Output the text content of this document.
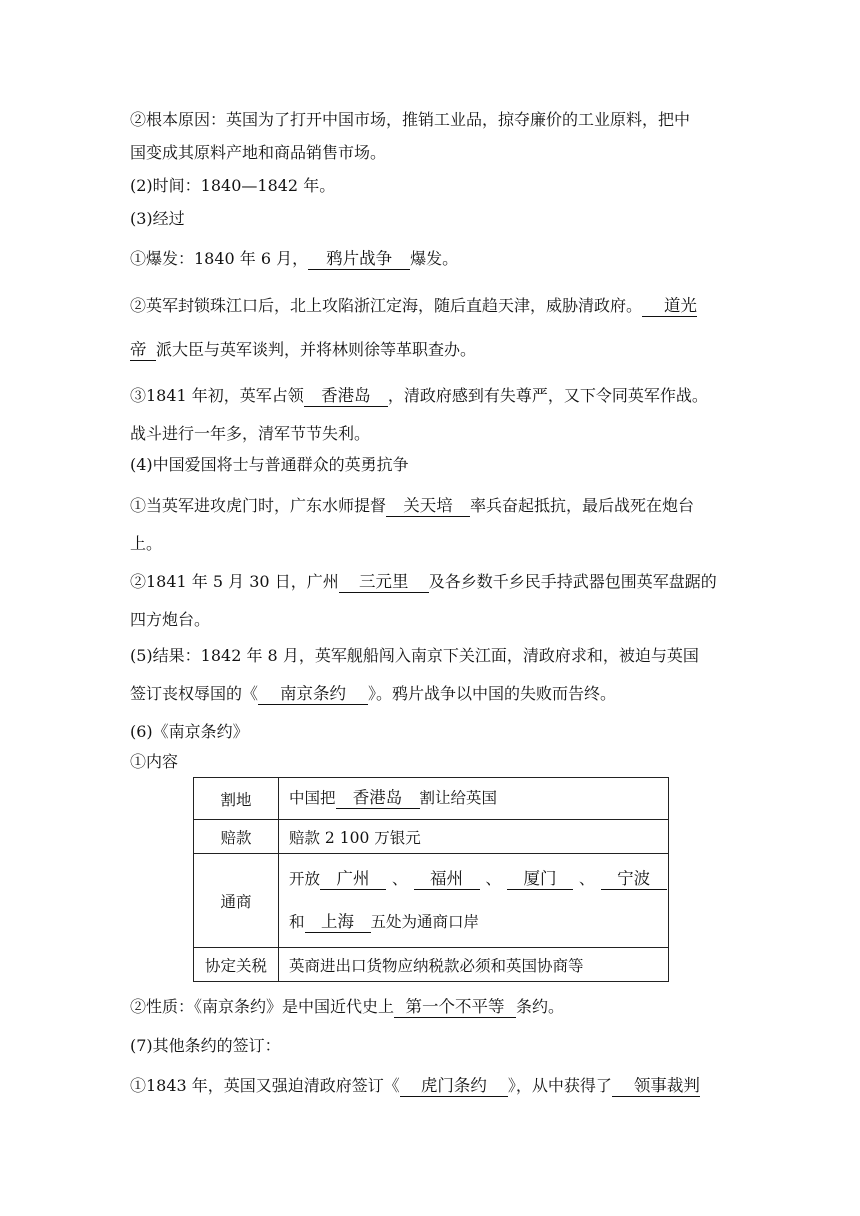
②根本原因：英国为了打开中国市场，推销工业品，掠夺廉价的工业原料，把中
国变成其原料产地和商品销售市场。
(2)时间：1840—1842 年。
(3)经过
①爆发：1840 年 6 月， 鸦片战争 爆发。
②英军封锁珠江口后，北上攻陷浙江定海，随后直趋天津，威胁清政府。 道光
帝 派大臣与英军谈判，并将林则徐等革职查办。
③1841 年初，英军占领 香港岛 ，清政府感到有失尊严，又下令同英军作战。
战斗进行一年多，清军节节失利。
(4)中国爱国将士与普通群众的英勇抗争
①当英军进攻虎门时，广东水师提督 关天培 率兵奋起抵抗，最后战死在炮台
上。
②1841 年 5 月 30 日，广州 三元里 及各乡数千乡民手持武器包围英军盘踞的
四方炮台。
(5)结果：1842 年 8 月，英军舰船闯入南京下关江面，清政府求和，被迫与英国
签订丧权辱国的《 南京条约 》。鸦片战争以中国的失败而告终。
(6)《南京条约》
①内容
割地	中国把 香港岛 割让给英国

赔款	赔款 2 100 万银元
通商	开放 广州 、 福州 、 厦门 、 宁波
和 上海 五处为通商口岸

协定关税	英商进出口货物应纳税款必须和英国协商等
②性质：《南京条约》是中国近代史上 第一个不平等 条约。
(7)其他条约的签订：
①1843 年，英国又强迫清政府签订《 虎门条约 》，从中获得了 领事裁判
